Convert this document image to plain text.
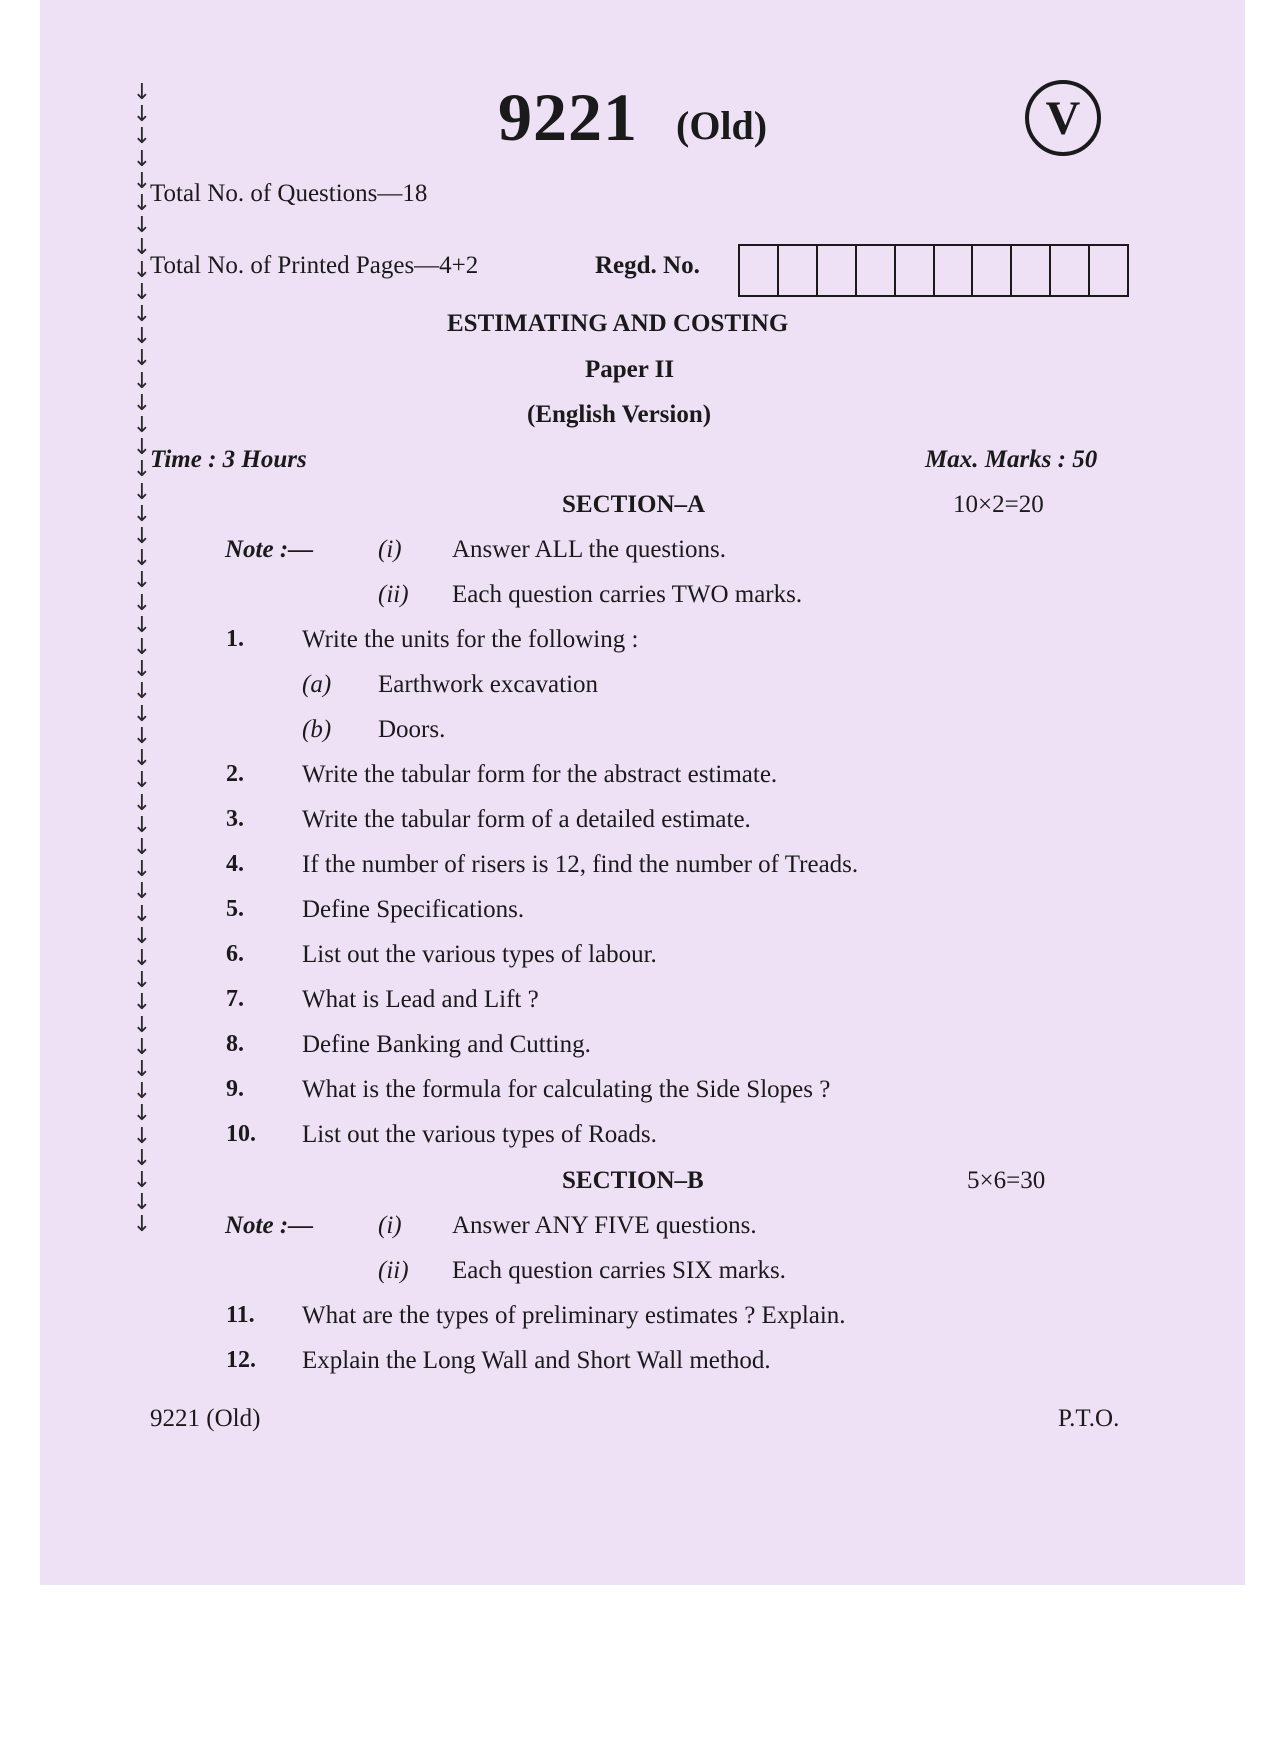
↓
↓
↓
↓
↓
↓
↓
↓
↓
↓
↓
↓
↓
↓
↓
↓
↓
↓
↓
↓
↓
↓
↓
↓
↓
↓
↓
↓
↓
↓
↓
↓
↓
↓
↓
↓
↓
↓
↓
↓
↓
↓
↓
↓
↓
↓
↓
↓
↓
↓
↓
↓
9221 (Old)	V
Total No. of Questions—18
Total No. of Printed Pages—4+2	Regd. No.
ESTIMATING AND COSTING
Paper II
(English Version)
Time : 3 Hours	Max. Marks : 50
SECTION–A	10×2=20
Note :—	(i) Answer ALL the questions.
(ii) Each question carries TWO marks.
1. Write the units for the following :
(a) Earthwork excavation
(b) Doors.
2. Write the tabular form for the abstract estimate.
3. Write the tabular form of a detailed estimate.
4. If the number of risers is 12, find the number of Treads.
5. Define Specifications.
6. List out the various types of labour.
7. What is Lead and Lift ?
8. Define Banking and Cutting.
9. What is the formula for calculating the Side Slopes ?
10. List out the various types of Roads.
SECTION–B	5×6=30
Note :—	(i) Answer ANY FIVE questions.
(ii) Each question carries SIX marks.
11. What are the types of preliminary estimates ? Explain.
12. Explain the Long Wall and Short Wall method.
9221 (Old)	P.T.O.
